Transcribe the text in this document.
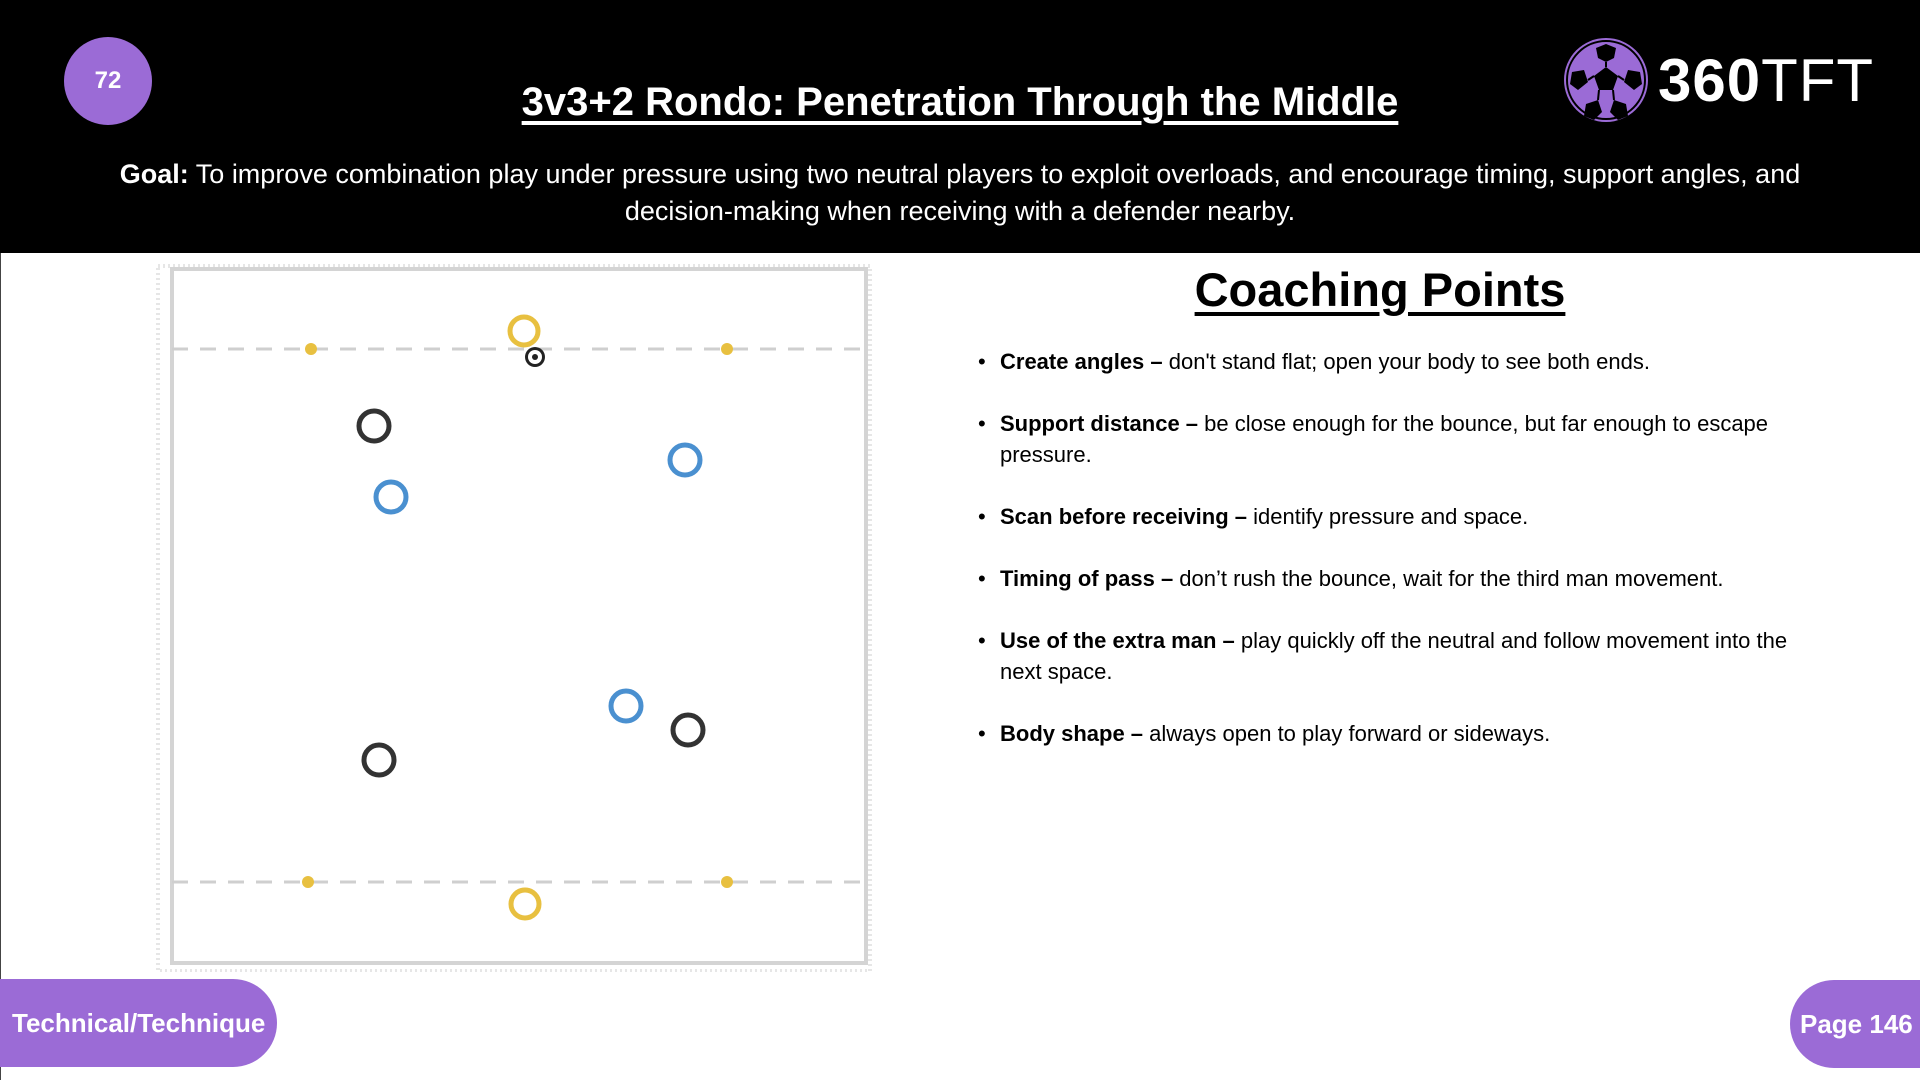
72	3v3+2 Rondo: Penetration Through the Middle
Goal: To improve combination play under pressure using two neutral players to exploit overloads, and encourage timing, support angles, and decision-making when receiving with a defender nearby.
360TFT
Coaching Points
• Create angles – don't stand flat; open your body to see both ends.
• Support distance – be close enough for the bounce, but far enough to escape pressure.
• Scan before receiving – identify pressure and space.
• Timing of pass – don’t rush the bounce, wait for the third man movement.
• Use of the extra man – play quickly off the neutral and follow movement into the next space.
• Body shape – always open to play forward or sideways.
Technical/Technique	Page 146
